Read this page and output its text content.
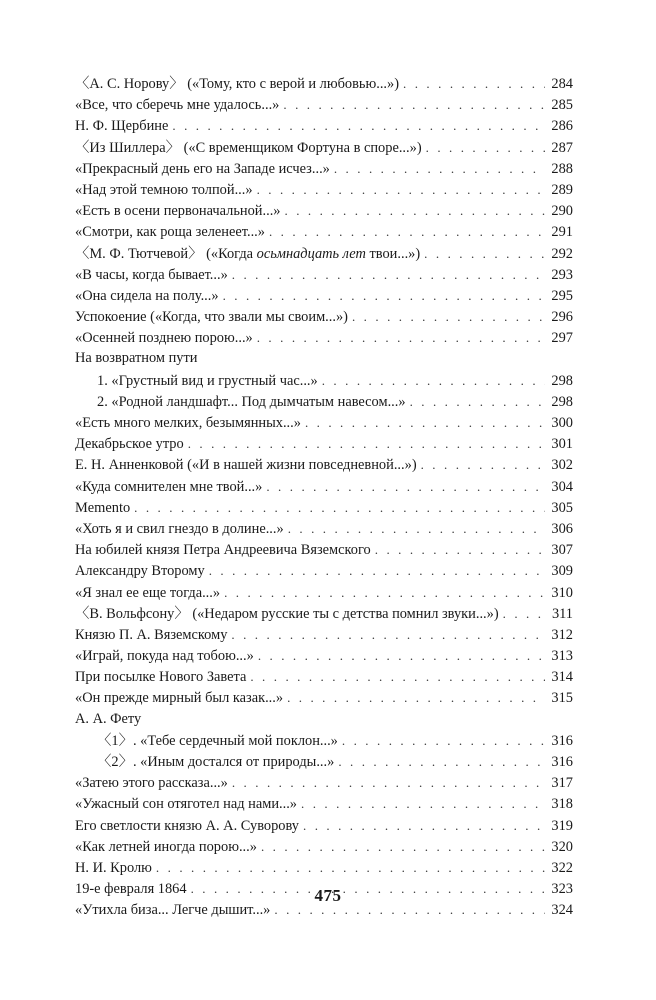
〈А. С. Норову〉 («Тому, кто с верой и любовью...») . . .	284
«Все, что сберечь мне удалось...» . . .	285
Н. Ф. Щербине . . .	286
〈Из Шиллера〉 («С временщиком Фортуна в споре...») . . .	287
«Прекрасный день его на Западе исчез...» . . .	288
«Над этой темною толпой...» . . .	289
«Есть в осени первоначальной...» . . .	290
«Смотри, как роща зеленеет...» . . .	291
〈М. Ф. Тютчевой〉 («Когда осьмнадцать лет твои...») . . .	292
«В часы, когда бывает...» . . .	293
«Она сидела на полу...» . . .	295
Успокоение («Когда, что звали мы своим...») . . .	296
«Осенней позднею порою...» . . .	297
На возвратном пути
1. «Грустный вид и грустный час...» . . .	298
2. «Родной ландшафт... Под дымчатым навесом...» . . .	298
«Есть много мелких, безымянных...» . . .	300
Декабрьское утро . . .	301
Е. Н. Анненковой («И в нашей жизни повседневной...») . . .	302
«Куда сомнителен мне твой...» . . .	304
Memento . . .	305
«Хоть я и свил гнездо в долине...» . . .	306
На юбилей князя Петра Андреевича Вяземского . . .	307
Александру Второму . . .	309
«Я знал ее еще тогда...» . . .	310
〈В. Вольфсону〉 («Недаром русские ты с детства помнил звуки...») . . .	311
Князю П. А. Вяземскому . . .	312
«Играй, покуда над тобою...» . . .	313
При посылке Нового Завета . . .	314
«Он прежде мирный был казак...» . . .	315
А. А. Фету
〈1〉. «Тебе сердечный мой поклон...» . . .	316
〈2〉. «Иным достался от природы...» . . .	316
«Затею этого рассказа...» . . .	317
«Ужасный сон отяготел над нами...» . . .	318
Его светлости князю А. А. Суворову . . .	319
«Как летней иногда порою...» . . .	320
Н. И. Кролю . . .	322
19-е февраля 1864 . . .	323
«Утихла биза... Легче дышит...» . . .	324
475
